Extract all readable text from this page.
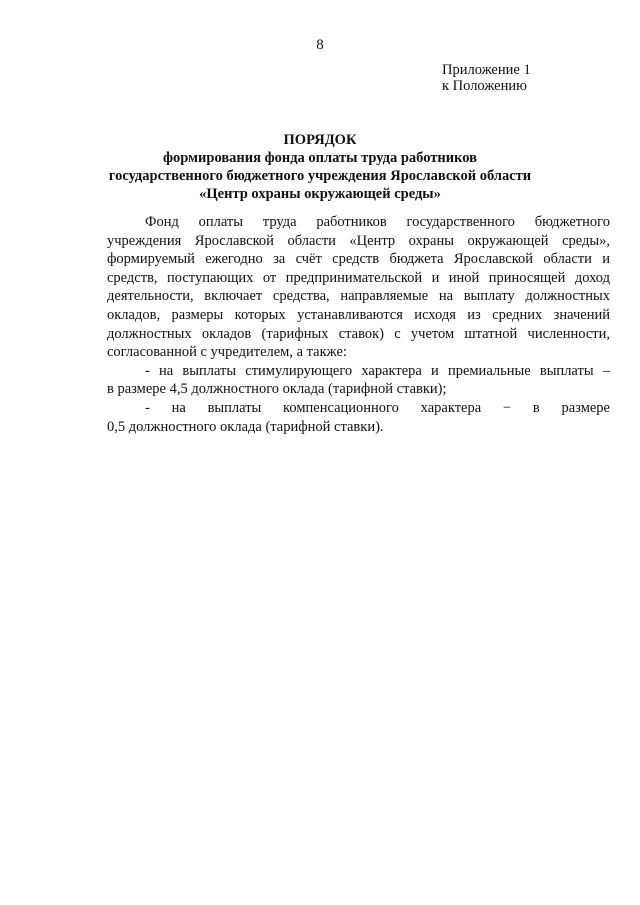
8
Приложение 1
к Положению
ПОРЯДОК
формирования фонда оплаты труда работников
государственного бюджетного учреждения Ярославской области
«Центр охраны окружающей среды»
Фонд оплаты труда работников государственного бюджетного
учреждения Ярославской области «Центр охраны окружающей среды»,
формируемый ежегодно за счёт средств бюджета Ярославской области и
средств, поступающих от предпринимательской и иной приносящей доход
деятельности, включает средства, направляемые на выплату должностных
окладов, размеры которых устанавливаются исходя из средних значений
должностных окладов (тарифных ставок) с учетом штатной численности,
согласованной с учредителем, а также:
- на выплаты стимулирующего характера и премиальные выплаты –
в размере 4,5 должностного оклада (тарифной ставки);
- на выплаты компенсационного характера − в размере
0,5 должностного оклада (тарифной ставки).
